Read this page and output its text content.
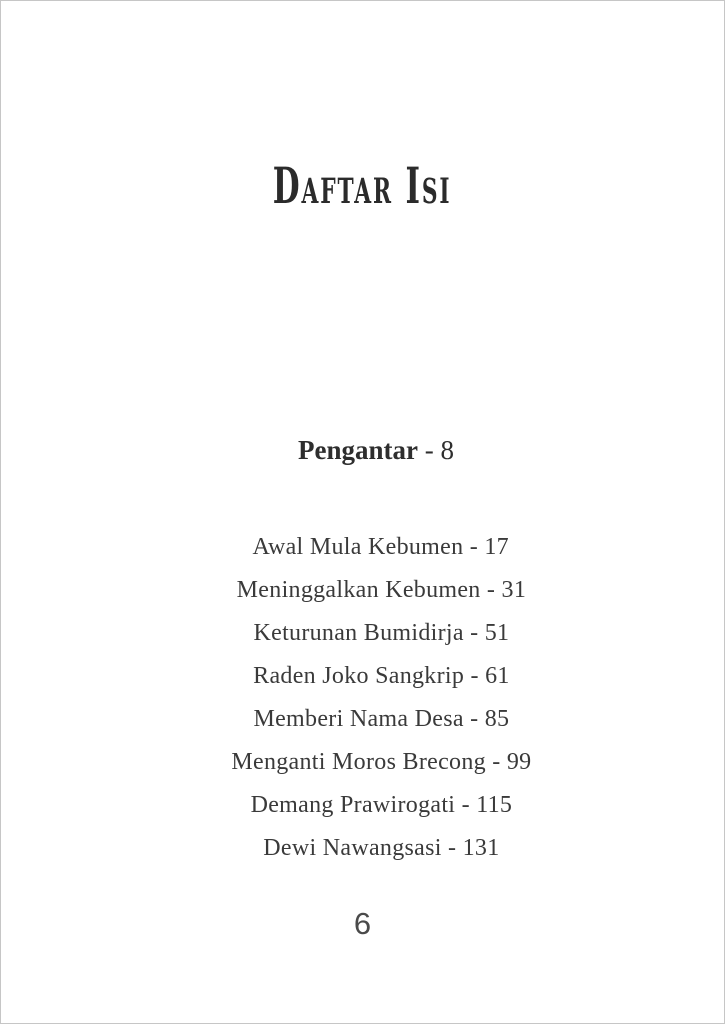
Daftar Isi

Pengantar - 8

Awal Mula Kebumen - 17

Meninggalkan Kebumen - 31

Keturunan Bumidirja - 51

Raden Joko Sangkrip - 61

Memberi Nama Desa - 85

Menganti Moros Brecong - 99

Demang Prawirogati - 115

Dewi Nawangsasi - 131

6
